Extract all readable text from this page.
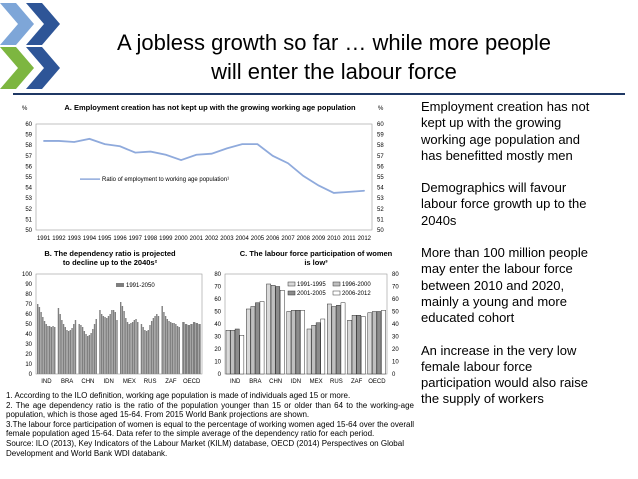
A jobless growth so far … while more people
will enter the labour force
A. Employment creation has not kept up with the growing working age population
%	%
50	50
51	51
52	52
53	53
54	54
55	55
56	56
57	57
58	58
59	59
60	60
1991 1992 1993 1994 1995 1996 1997 1998 1999 2000 2001 2002 2003 2004 2005 2006 2007 2008 2009 2010 2011 2012
Ratio of employment to working age population¹
B. The dependency ratio is projected to decline up to the 2040s²
0
10
20
30
40
50
60
70
80
90
100
IND BRA CHN IDN MEX RUS ZAF OECD
1991-2050
C. The labour force participation of women is low³
0	0
10	10
20	20
30	30
40	40
50	50
60	60
70	70
80	80
IND BRA CHN IDN MEX RUS ZAF OECD
1991-1995	1996-2000
2001-2005	2006-2012

1. According to the ILO definition, working age population is made of individuals aged 15 or more.

2. The age dependency ratio is the ratio of the population younger than 15 or older than 64 to the working-age population, which is those aged 15-64. From 2015 World Bank projections are shown.

3.The labour force participation of women is equal to the percentage of working women aged 15-64 over the overall female population aged 15-64. Data refer to the simple average of the dependency ratio for each period.

Source: ILO (2013), Key Indicators of the Labour Market (KILM) database, OECD (2014) Perspectives on Global Development and World Bank WDI databank.

Employment creation has not kept up with the growing working age population and has benefitted mostly men

Demographics will favour labour force growth up to the 2040s

More than 100 million people may enter the labour force between 2010 and 2020, mainly a young and more educated cohort

An increase in the very low female labour force participation would also raise the supply of workers
